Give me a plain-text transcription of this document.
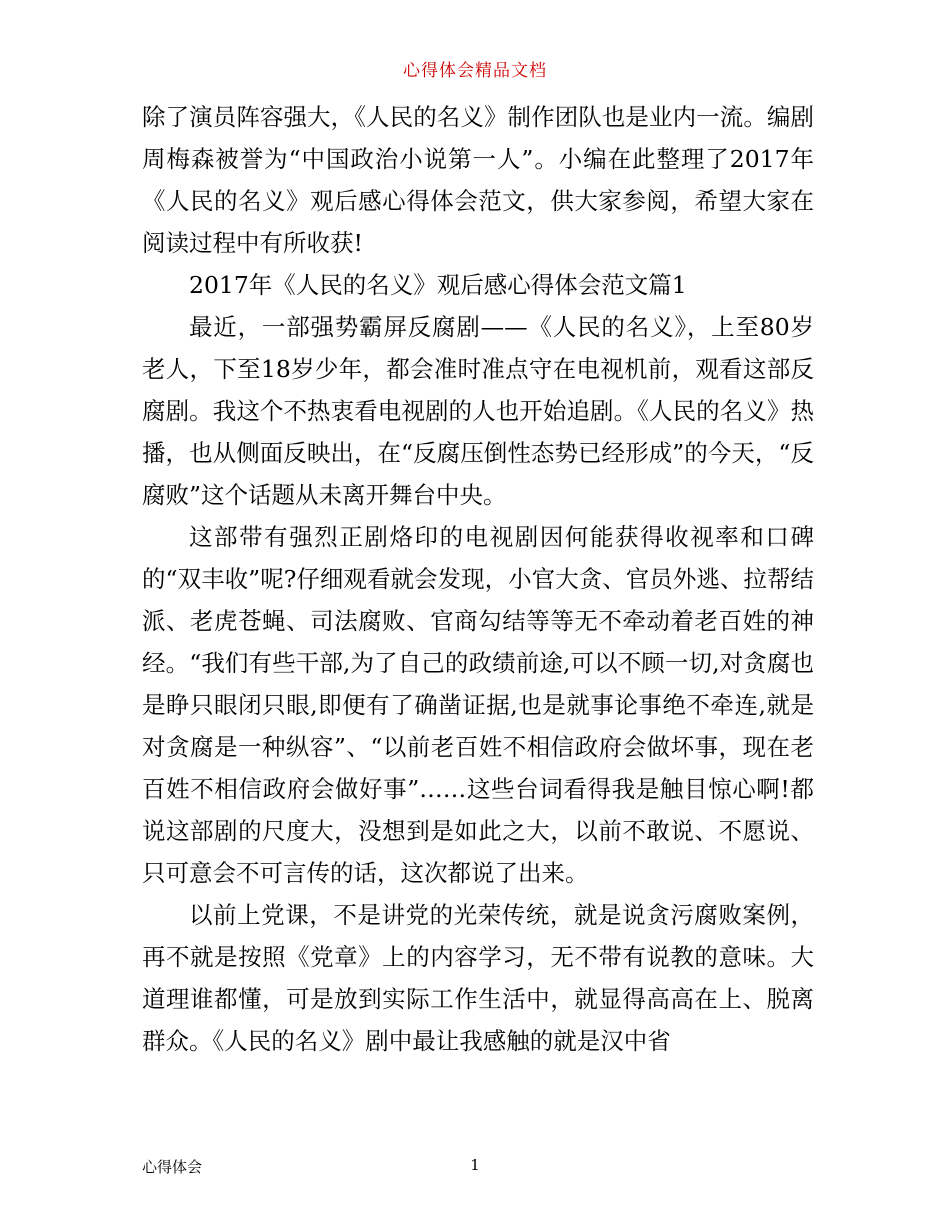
心得体会精品文档

除了演员阵容强大，《人民的名义》制作团队也是业内一流。编剧周梅森被誉为“中国政治小说第一人”。小编在此整理了2017年《人民的名义》观后感心得体会范文，供大家参阅，希望大家在阅读过程中有所收获!

2017年《人民的名义》观后感心得体会范文篇1

最近，一部强势霸屏反腐剧——《人民的名义》，上至80岁老人，下至18岁少年，都会准时准点守在电视机前，观看这部反腐剧。我这个不热衷看电视剧的人也开始追剧。《人民的名义》热播，也从侧面反映出，在“反腐压倒性态势已经形成”的今天，“反腐败”这个话题从未离开舞台中央。

这部带有强烈正剧烙印的电视剧因何能获得收视率和口碑的“双丰收”呢?仔细观看就会发现，小官大贪、官员外逃、拉帮结派、老虎苍蝇、司法腐败、官商勾结等等无不牵动着老百姓的神经。“我们有些干部,为了自己的政绩前途,可以不顾一切,对贪腐也是睁只眼闭只眼,即便有了确凿证据,也是就事论事绝不牵连,就是对贪腐是一种纵容”、“以前老百姓不相信政府会做坏事，现在老百姓不相信政府会做好事”……这些台词看得我是触目惊心啊!都说这部剧的尺度大，没想到是如此之大，以前不敢说、不愿说、只可意会不可言传的话，这次都说了出来。

以前上党课，不是讲党的光荣传统，就是说贪污腐败案例，再不就是按照《党章》上的内容学习，无不带有说教的意味。大道理谁都懂，可是放到实际工作生活中，就显得高高在上、脱离群众。《人民的名义》剧中最让我感触的就是汉中省

心得体会	1
